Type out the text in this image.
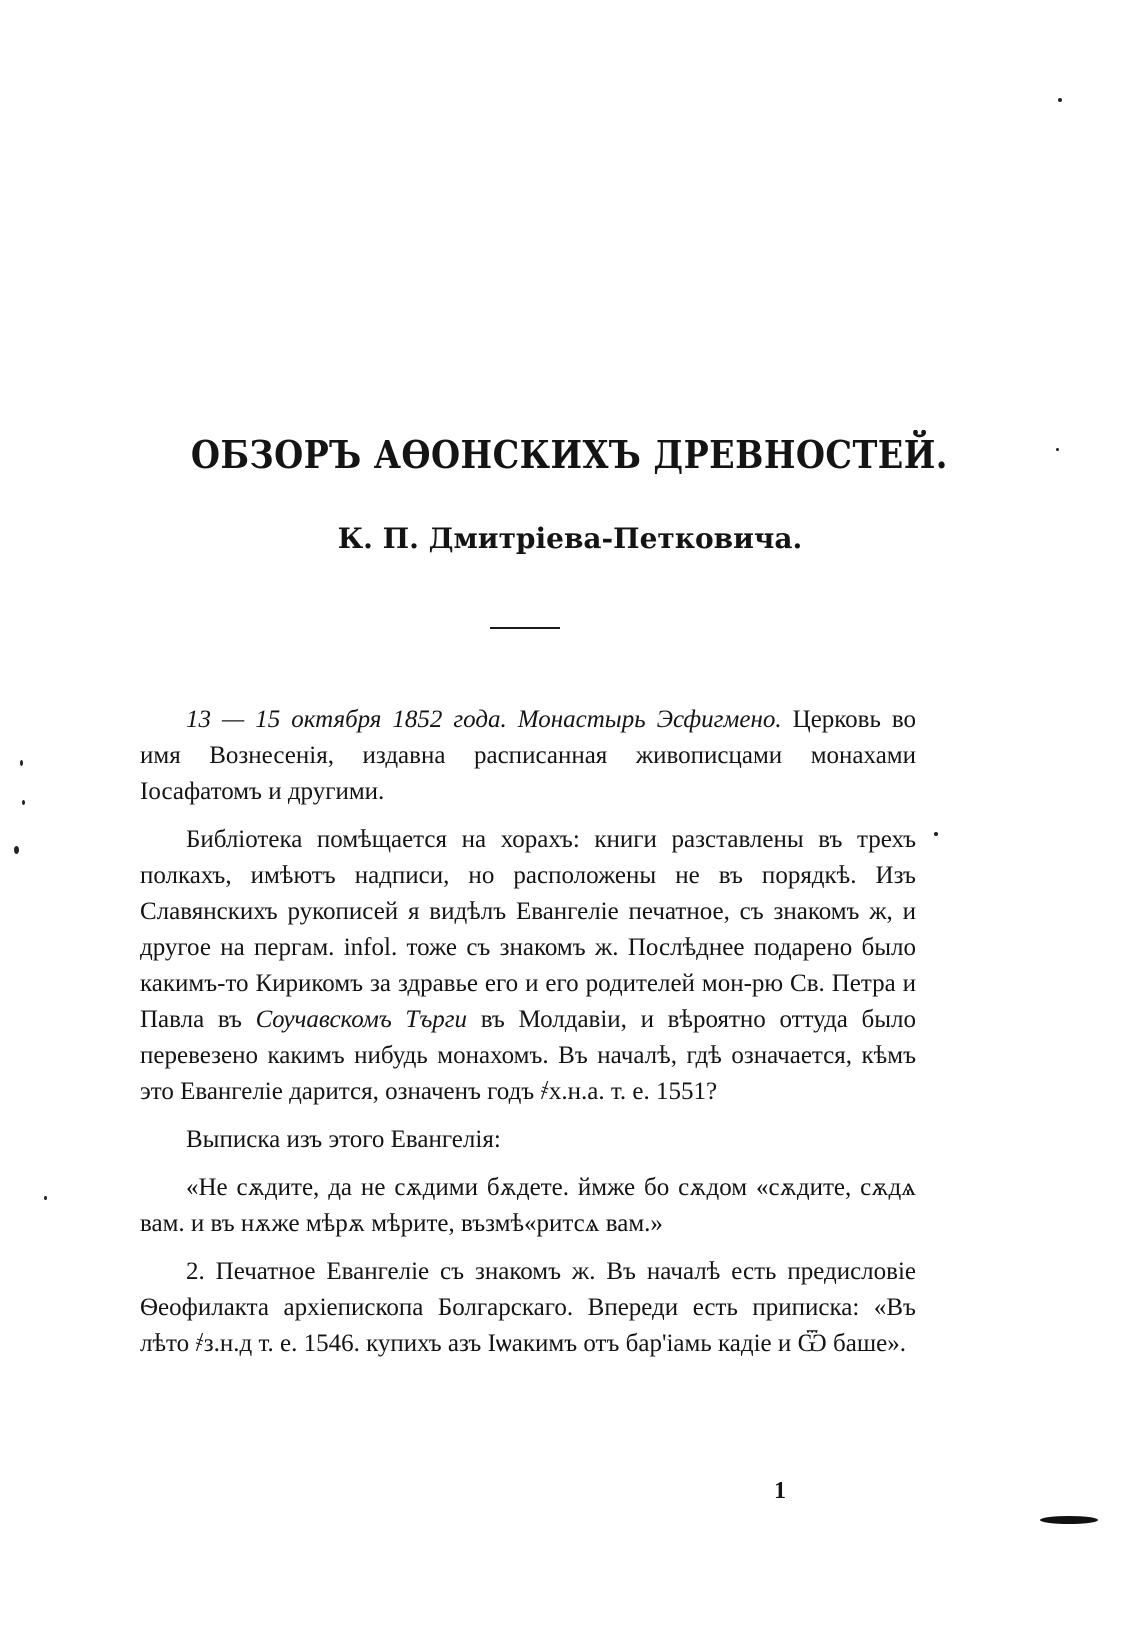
ОБЗОРЪ АѲОНСКИХЪ ДРЕВНОСТЕЙ.
К. П. Дмитріева-Петковича.

13 — 15 октября 1852 года. Монастырь Эсфигмено. Церковь во имя Вознесенія, издавна расписанная живописцами монахами Іосафатомъ и другими.

Библіотека помѣщается на хорахъ: книги разставлены въ трехъ полкахъ, имѣютъ надписи, но расположены не въ порядкѣ. Изъ Славянскихъ рукописей я видѣлъ Евангеліе печатное, съ знакомъ ж, и другое на пергам. infol. тоже съ знакомъ ж. Послѣднее подарено было какимъ-то Кирикомъ за здравье его и его родителей мон-рю Св. Петра и Павла въ Сѹчавскомъ Търги въ Молдавіи, и вѣроятно оттуда было перевезено какимъ нибудь монахомъ. Въ началѣ, гдѣ означается, кѣмъ это Евангеліе дарится, означенъ годъ ҂х.н.а. т. е. 1551?

Выписка изъ этого Евангелія:

«Не сѫдите, да не сѫдими бѫдете. ймже бо сѫдом «сѫдите, сѫдѧ вам. и въ нѫже мѣрѫ мѣрите, възмѣ«ритсѧ вам.»

2. Печатное Евангеліе съ знакомъ ж. Въ началѣ есть предисловіе Ѳеофилакта архіепископа Болгарскаго. Впереди есть приписка: «Въ лѣто ҂з.н.д т. е. 1546. купихъ азъ Іѡакимъ отъ бар'іамь кадіе и Ѿ баше».

1
